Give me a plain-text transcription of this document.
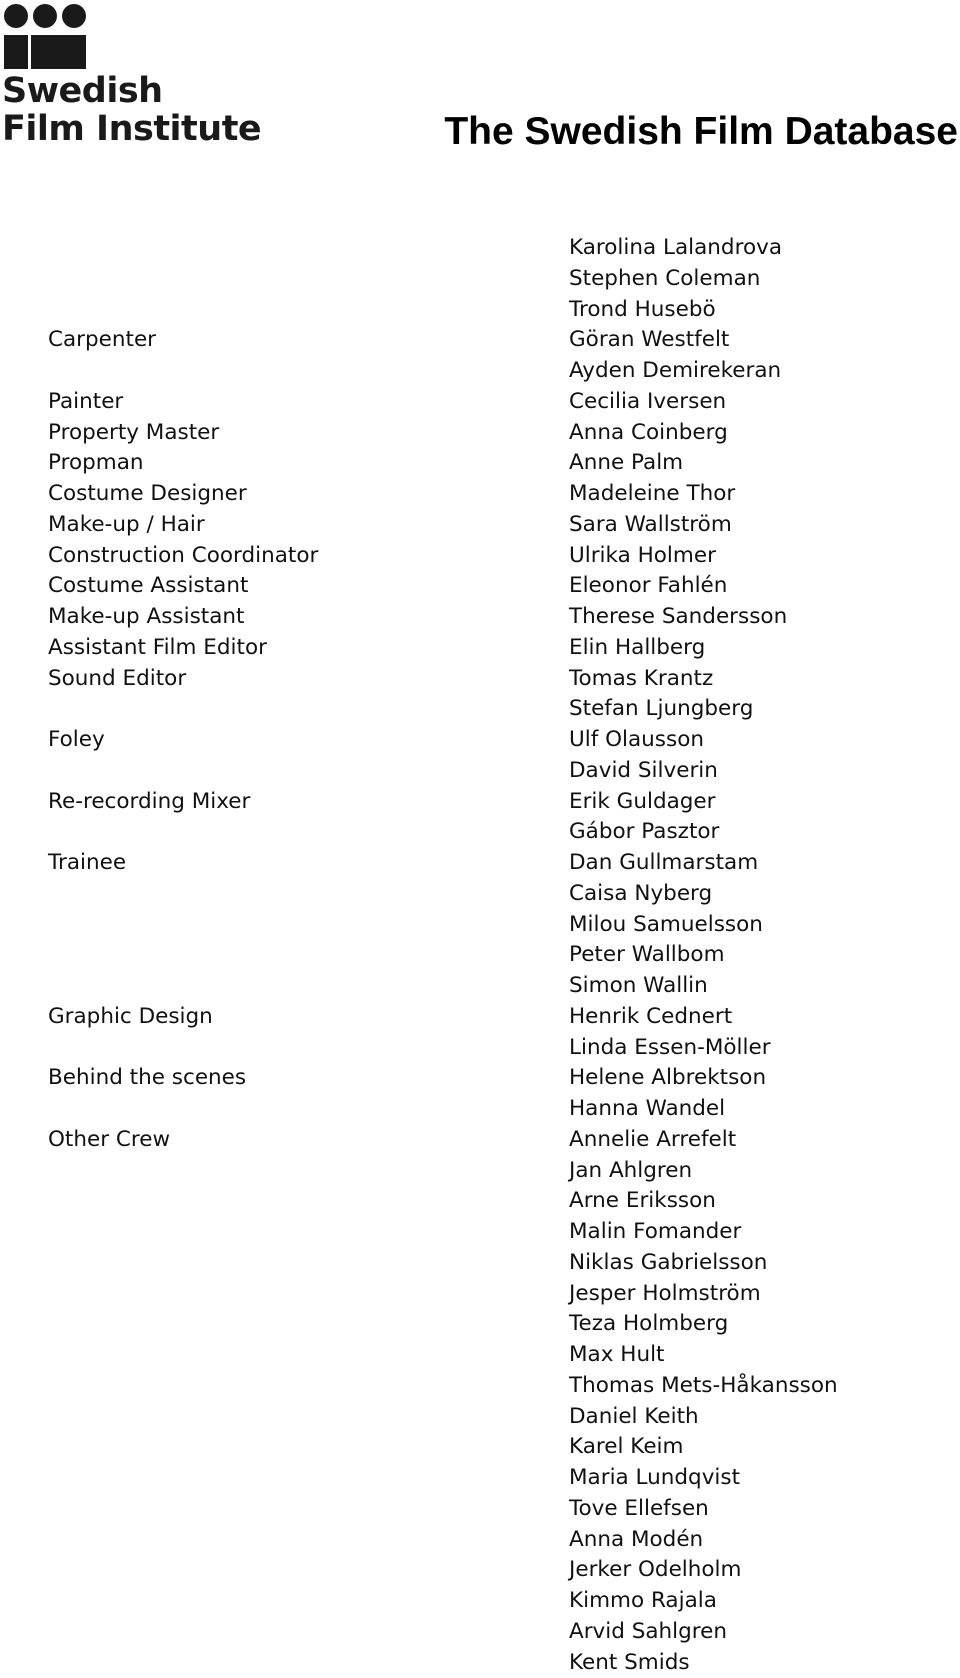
Swedish
Film Institute	The Swedish Film Database
Karolina Lalandrova
Stephen Coleman
Trond Husebö
Carpenter	Göran Westfelt
Ayden Demirekeran
Painter	Cecilia Iversen
Property Master	Anna Coinberg
Propman	Anne Palm
Costume Designer	Madeleine Thor
Make-up / Hair	Sara Wallström
Construction Coordinator	Ulrika Holmer
Costume Assistant	Eleonor Fahlén
Make-up Assistant	Therese Sandersson
Assistant Film Editor	Elin Hallberg
Sound Editor	Tomas Krantz
Stefan Ljungberg
Foley	Ulf Olausson
David Silverin
Re-recording Mixer	Erik Guldager
Gábor Pasztor
Trainee	Dan Gullmarstam
Caisa Nyberg
Milou Samuelsson
Peter Wallbom
Simon Wallin
Graphic Design	Henrik Cednert
Linda Essen-Möller
Behind the scenes	Helene Albrektson
Hanna Wandel
Other Crew	Annelie Arrefelt
Jan Ahlgren
Arne Eriksson
Malin Fomander
Niklas Gabrielsson
Jesper Holmström
Teza Holmberg
Max Hult
Thomas Mets-Håkansson
Daniel Keith
Karel Keim
Maria Lundqvist
Tove Ellefsen
Anna Modén
Jerker Odelholm
Kimmo Rajala
Arvid Sahlgren
Kent Smids
